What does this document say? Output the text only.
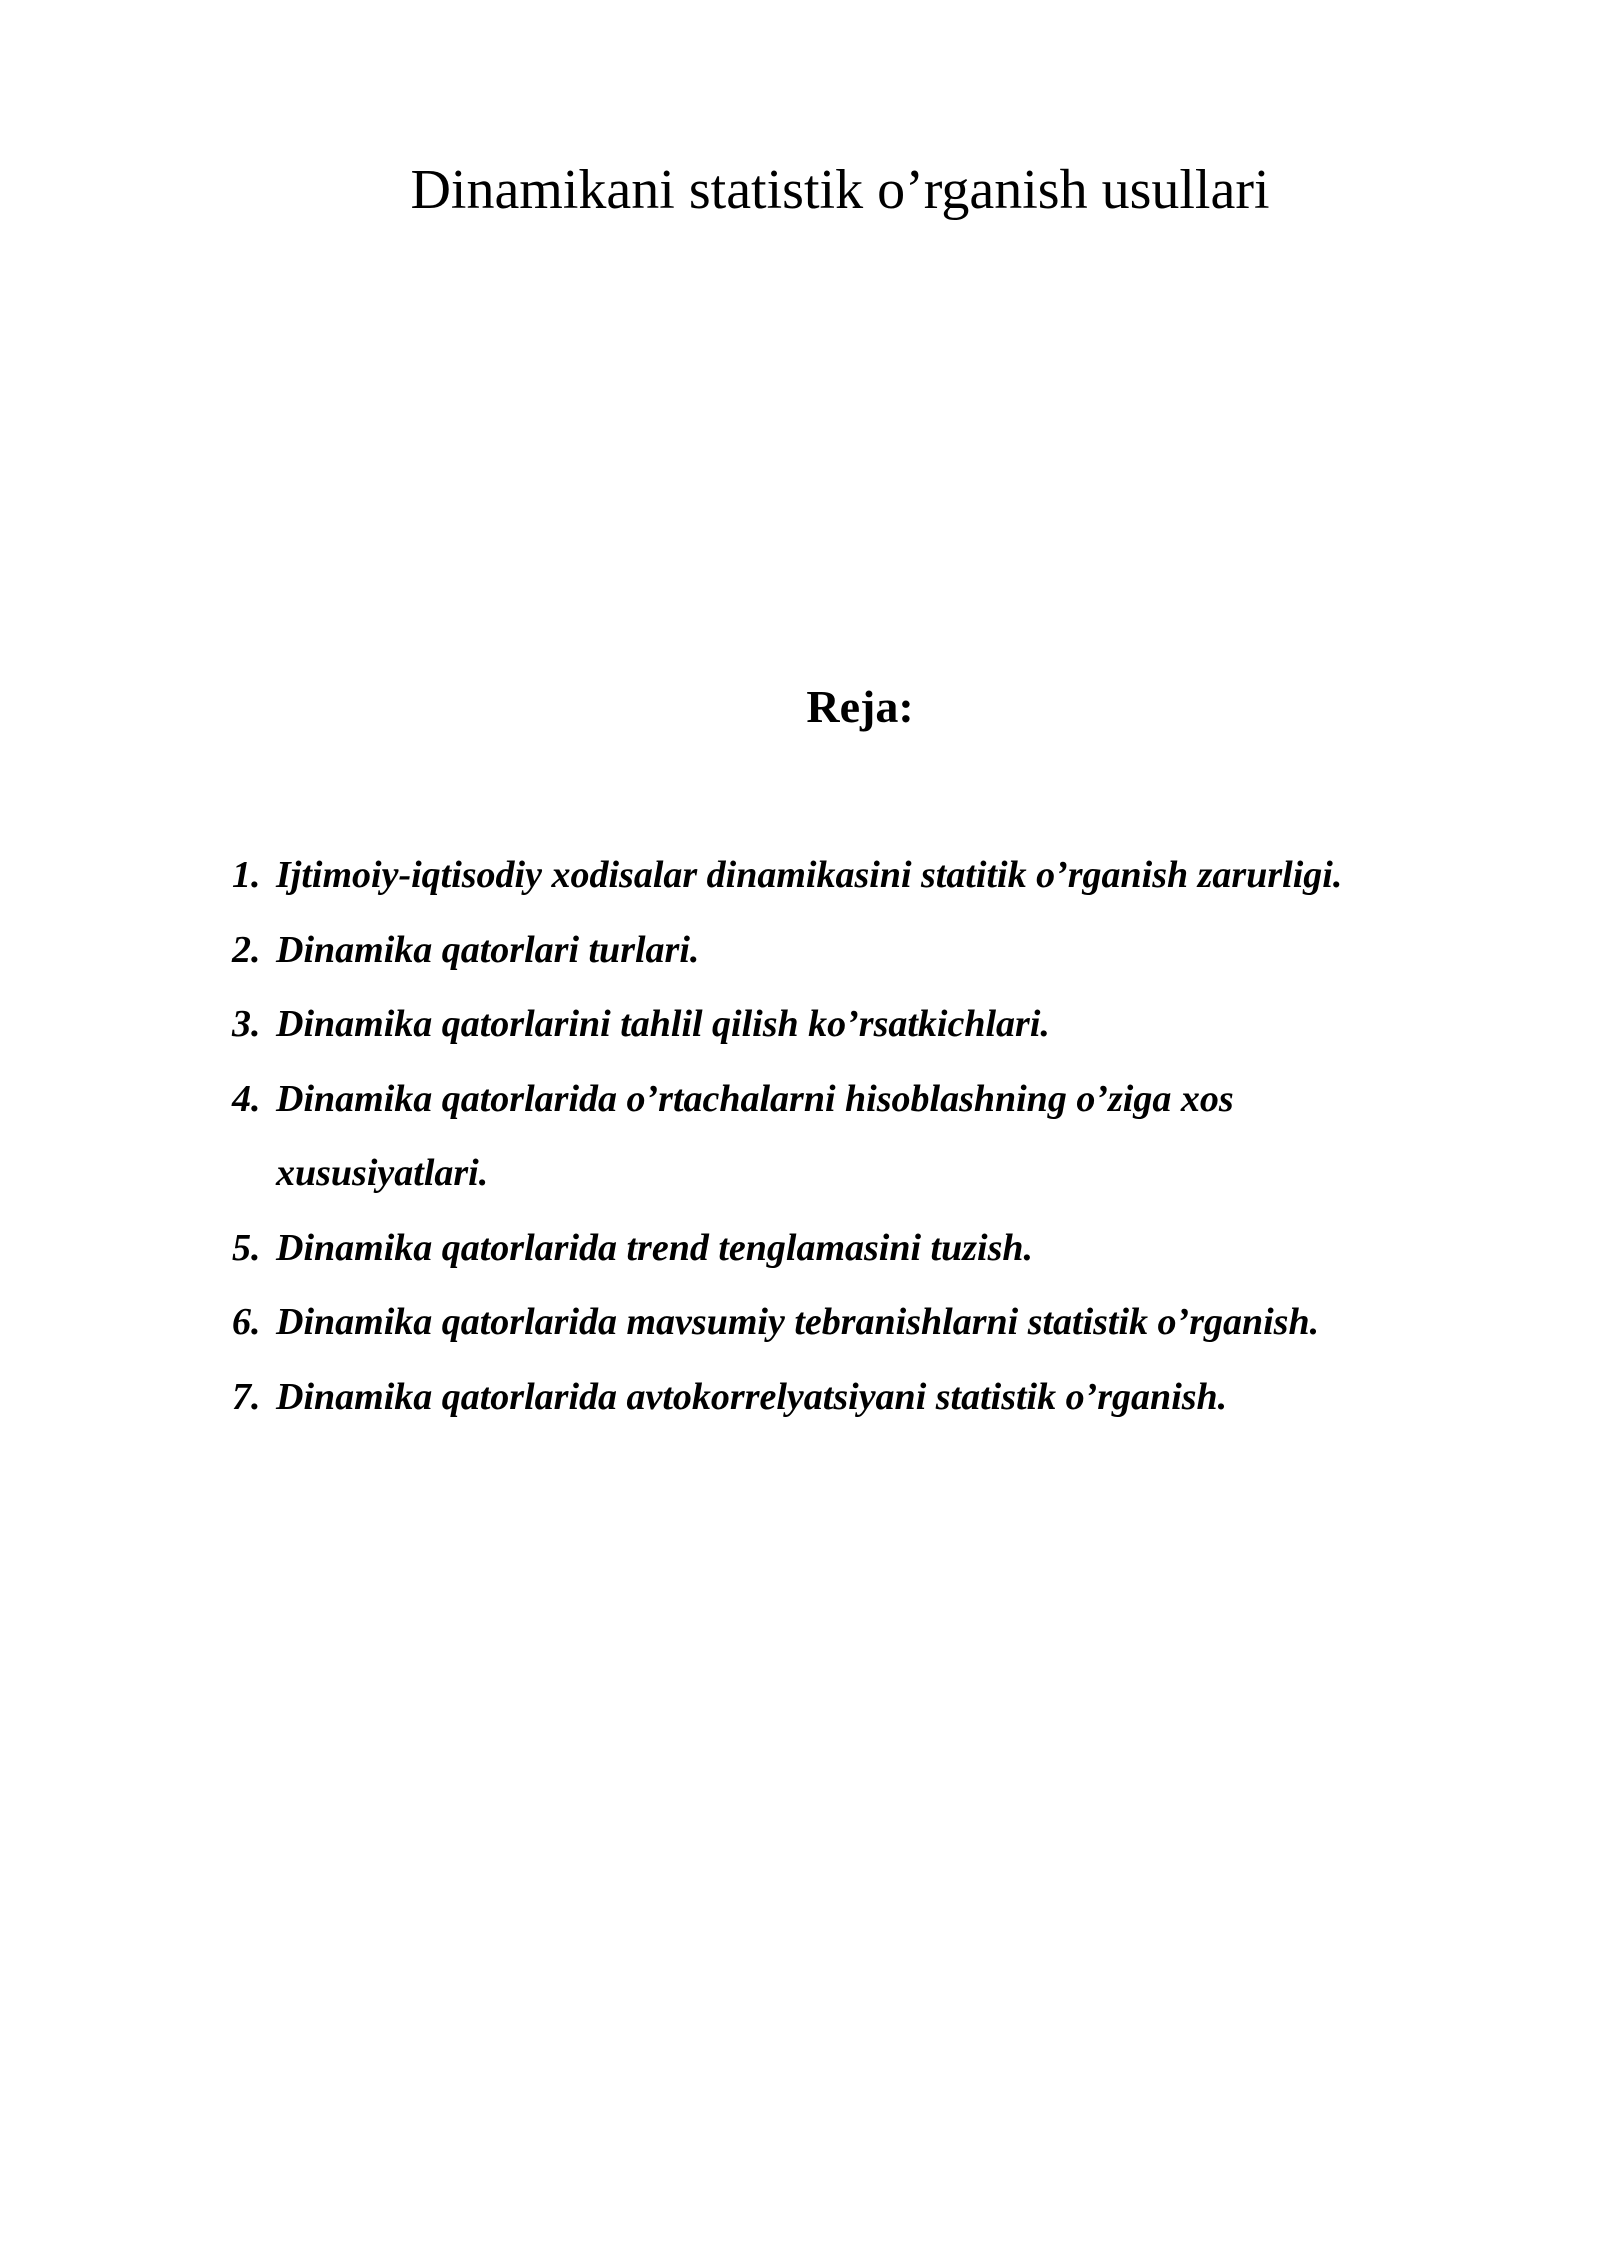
Dinamikani statistik o’rganish usullari
Reja:
1. Ijtimoiy-iqtisodiy xodisalar dinamikasini statitik o’rganish zarurligi.
2. Dinamika qatorlari turlari.
3. Dinamika qatorlarini tahlil qilish ko’rsatkichlari.
4. Dinamika qatorlarida o’rtachalarni hisoblashning o’ziga xos xususiyatlari.
5. Dinamika qatorlarida trend tenglamasini tuzish.
6. Dinamika qatorlarida mavsumiy tebranishlarni statistik o’rganish.
7. Dinamika qatorlarida avtokorrelyatsiyani statistik o’rganish.
